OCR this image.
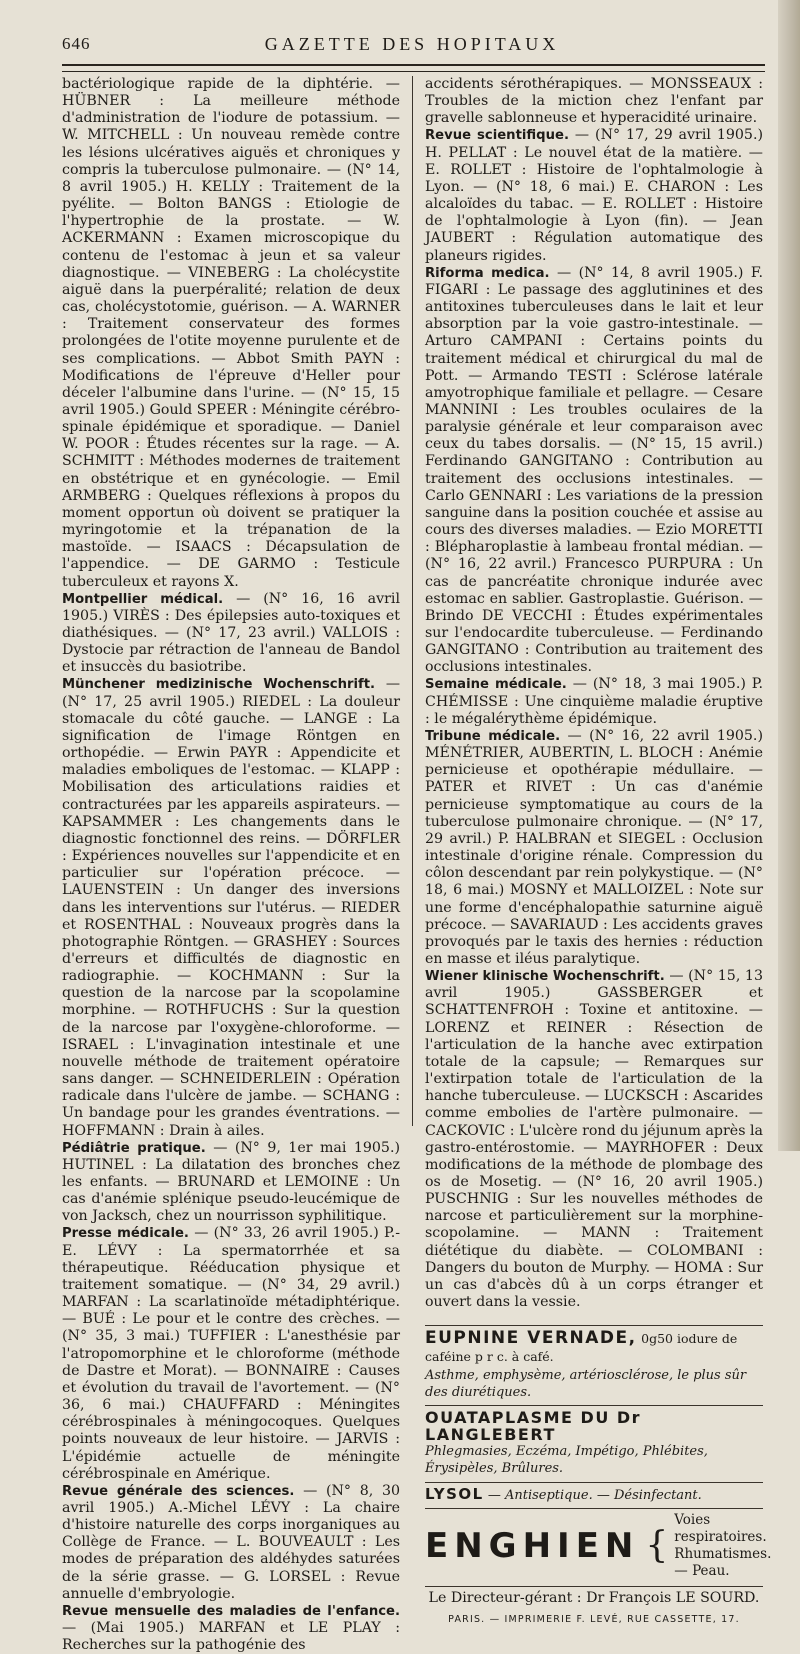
646	GAZETTE DES HOPITAUX

bactériologique rapide de la diphtérie. — HÜBNER : La meilleure méthode d'administration de l'iodure de potassium. — W. MITCHELL : Un nouveau remède contre les lésions ulcératives aiguës et chroniques y compris la tuberculose pulmonaire. — (N° 14, 8 avril 1905.) H. KELLY : Traitement de la pyélite. — Bolton BANGS : Etiologie de l'hypertrophie de la prostate. — W. ACKERMANN : Examen microscopique du contenu de l'estomac à jeun et sa valeur diagnostique. — VINEBERG : La cholécystite aiguë dans la puerpéralité; relation de deux cas, cholécystotomie, guérison. — A. WARNER : Traitement conservateur des formes prolongées de l'otite moyenne purulente et de ses complications. — Abbot Smith PAYN : Modifications de l'épreuve d'Heller pour déceler l'albumine dans l'urine. — (N° 15, 15 avril 1905.) Gould SPEER : Méningite cérébro-spinale épidémique et sporadique. — Daniel W. POOR : Études récentes sur la rage. — A. SCHMITT : Méthodes modernes de traitement en obstétrique et en gynécologie. — Emil ARMBERG : Quelques réflexions à propos du moment opportun où doivent se pratiquer la myringotomie et la trépanation de la mastoïde. — ISAACS : Décapsulation de l'appendice. — DE GARMO : Testicule tuberculeux et rayons X.

Montpellier médical. — (N° 16, 16 avril 1905.) VIRÈS : Des épilepsies auto-toxiques et diathésiques. — (N° 17, 23 avril.) VALLOIS : Dystocie par rétraction de l'anneau de Bandol et insuccès du basiotribe.

Münchener medizinische Wochenschrift. — (N° 17, 25 avril 1905.) RIEDEL : La douleur stomacale du côté gauche. — LANGE : La signification de l'image Röntgen en orthopédie. — Erwin PAYR : Appendicite et maladies emboliques de l'estomac. — KLAPP : Mobilisation des articulations raidies et contracturées par les appareils aspirateurs. — KAPSAMMER : Les changements dans le diagnostic fonctionnel des reins. — DÖRFLER : Expériences nouvelles sur l'appendicite et en particulier sur l'opération précoce. — LAUENSTEIN : Un danger des inversions dans les interventions sur l'utérus. — RIEDER et ROSENTHAL : Nouveaux progrès dans la photographie Röntgen. — GRASHEY : Sources d'erreurs et difficultés de diagnostic en radiographie. — KOCHMANN : Sur la question de la narcose par la scopolamine morphine. — ROTHFUCHS : Sur la question de la narcose par l'oxygène-chloroforme. — ISRAEL : L'invagination intestinale et une nouvelle méthode de traitement opératoire sans danger. — SCHNEIDERLEIN : Opération radicale dans l'ulcère de jambe. — SCHANG : Un bandage pour les grandes éventrations. — HOFFMANN : Drain à ailes.

Pédiâtrie pratique. — (N° 9, 1er mai 1905.) HUTINEL : La dilatation des bronches chez les enfants. — BRUNARD et LEMOINE : Un cas d'anémie splénique pseudo-leucémique de von Jacksch, chez un nourrisson syphilitique.

Presse médicale. — (N° 33, 26 avril 1905.) P.-E. LÉVY : La spermatorrhée et sa thérapeutique. Rééducation physique et traitement somatique. — (N° 34, 29 avril.) MARFAN : La scarlatinoïde métadiphtérique. — BUÉ : Le pour et le contre des crèches. — (N° 35, 3 mai.) TUFFIER : L'anesthésie par l'atropomorphine et le chloroforme (méthode de Dastre et Morat). — BONNAIRE : Causes et évolution du travail de l'avortement. — (N° 36, 6 mai.) CHAUFFARD : Méningites cérébrospinales à méningocoques. Quelques points nouveaux de leur histoire. — JARVIS : L'épidémie actuelle de méningite cérébrospinale en Amérique.

Revue générale des sciences. — (N° 8, 30 avril 1905.) A.-Michel LÉVY : La chaire d'histoire naturelle des corps inorganiques au Collège de France. — L. BOUVEAULT : Les modes de préparation des aldéhydes saturées de la série grasse. — G. LORSEL : Revue annuelle d'embryologie.

Revue mensuelle des maladies de l'enfance. — (Mai 1905.) MARFAN et LE PLAY : Recherches sur la pathogénie des

accidents sérothérapiques. — MONSSEAUX : Troubles de la miction chez l'enfant par gravelle sablonneuse et hyperacidité urinaire.

Revue scientifique. — (N° 17, 29 avril 1905.) H. PELLAT : Le nouvel état de la matière. — E. ROLLET : Histoire de l'ophtalmologie à Lyon. — (N° 18, 6 mai.) E. CHARON : Les alcaloïdes du tabac. — E. ROLLET : Histoire de l'ophtalmologie à Lyon (fin). — Jean JAUBERT : Régulation automatique des planeurs rigides.

Riforma medica. — (N° 14, 8 avril 1905.) F. FIGARI : Le passage des agglutinines et des antitoxines tuberculeuses dans le lait et leur absorption par la voie gastro-intestinale. — Arturo CAMPANI : Certains points du traitement médical et chirurgical du mal de Pott. — Armando TESTI : Sclérose latérale amyotrophique familiale et pellagre. — Cesare MANNINI : Les troubles oculaires de la paralysie générale et leur comparaison avec ceux du tabes dorsalis. — (N° 15, 15 avril.) Ferdinando GANGITANO : Contribution au traitement des occlusions intestinales. — Carlo GENNARI : Les variations de la pression sanguine dans la position couchée et assise au cours des diverses maladies. — Ezio MORETTI : Blépharoplastie à lambeau frontal médian. — (N° 16, 22 avril.) Francesco PURPURA : Un cas de pancréatite chronique indurée avec estomac en sablier. Gastroplastie. Guérison. — Brindo DE VECCHI : Études expérimentales sur l'endocardite tuberculeuse. — Ferdinando GANGITANO : Contribution au traitement des occlusions intestinales.

Semaine médicale. — (N° 18, 3 mai 1905.) P. CHÉMISSE : Une cinquième maladie éruptive : le mégalérythème épidémique.

Tribune médicale. — (N° 16, 22 avril 1905.) MÉNÉTRIER, AUBERTIN, L. BLOCH : Anémie pernicieuse et opothérapie médullaire. — PATER et RIVET : Un cas d'anémie pernicieuse symptomatique au cours de la tuberculose pulmonaire chronique. — (N° 17, 29 avril.) P. HALBRAN et SIEGEL : Occlusion intestinale d'origine rénale. Compression du côlon descendant par rein polykystique. — (N° 18, 6 mai.) MOSNY et MALLOIZEL : Note sur une forme d'encéphalopathie saturnine aiguë précoce. — SAVARIAUD : Les accidents graves provoqués par le taxis des hernies : réduction en masse et iléus paralytique.

Wiener klinische Wochenschrift. — (N° 15, 13 avril 1905.) GASSBERGER et SCHATTENFROH : Toxine et antitoxine. — LORENZ et REINER : Résection de l'articulation de la hanche avec extirpation totale de la capsule; — Remarques sur l'extirpation totale de l'articulation de la hanche tuberculeuse. — LUCKSCH : Ascarides comme embolies de l'artère pulmonaire. — CACKOVIC : L'ulcère rond du jéjunum après la gastro-entérostomie. — MAYRHOFER : Deux modifications de la méthode de plombage des os de Mosetig. — (N° 16, 20 avril 1905.) PUSCHNIG : Sur les nouvelles méthodes de narcose et particulièrement sur la morphine-scopolamine. — MANN : Traitement diététique du diabète. — COLOMBANI : Dangers du bouton de Murphy. — HOMA : Sur un cas d'abcès dû à un corps étranger et ouvert dans la vessie.

EUPNINE VERNADE, 0g50 iodure de caféine p r c. à café.
Asthme, emphysème, artériosclérose, le plus sûr des diurétiques.
OUATAPLASME DU Dr LANGLEBERT
Phlegmasies, Eczéma, Impétigo, Phlébites, Érysipèles, Brûlures.
LYSOL — Antiseptique. — Désinfectant.
ENGHIEN {
Voies respiratoires.
Rhumatismes. — Peau.
Le Directeur-gérant : Dr François LE SOURD.
PARIS. — IMPRIMERIE F. LEVÉ, RUE CASSETTE, 17.
